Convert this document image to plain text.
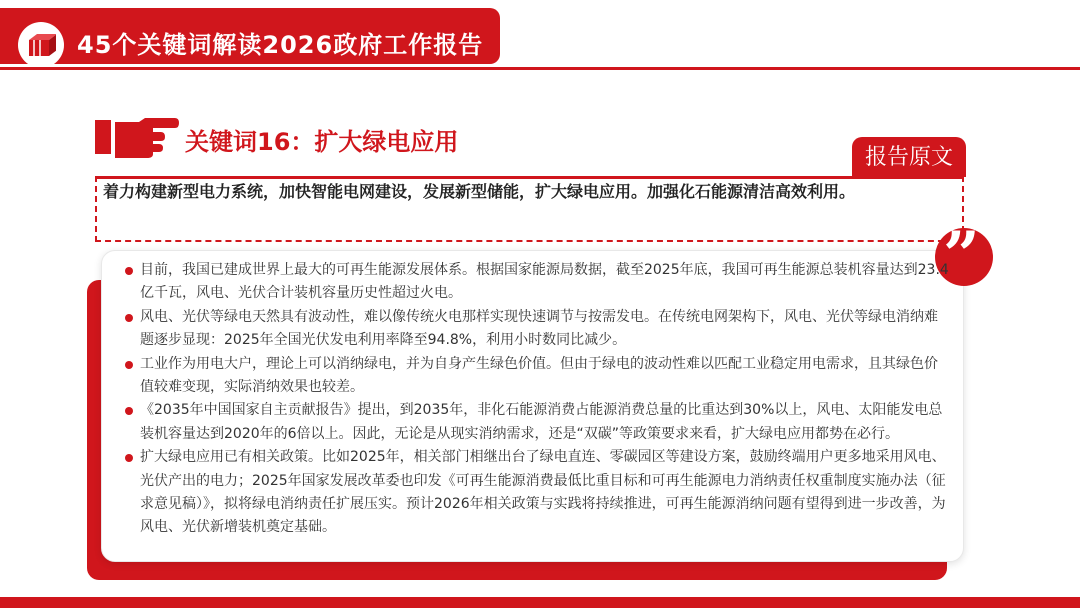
45个关键词解读2026政府工作报告
关键词16：扩大绿电应用
报告原文
着力构建新型电力系统，加快智能电网建设，发展新型储能，扩大绿电应用。加强化石能源清洁高效利用。
”
目前，我国已建成世界上最大的可再生能源发展体系。根据国家能源局数据，截至2025年底，我国可再生能源总装机容量达到23.4亿千瓦，风电、光伏合计装机容量历史性超过火电。
风电、光伏等绿电天然具有波动性，难以像传统火电那样实现快速调节与按需发电。在传统电网架构下，风电、光伏等绿电消纳难题逐步显现：2025年全国光伏发电利用率降至94.8%，利用小时数同比减少。
工业作为用电大户，理论上可以消纳绿电，并为自身产生绿色价值。但由于绿电的波动性难以匹配工业稳定用电需求，且其绿色价值较难变现，实际消纳效果也较差。
《2035年中国国家自主贡献报告》提出，到2035年，非化石能源消费占能源消费总量的比重达到30%以上，风电、太阳能发电总装机容量达到2020年的6倍以上。因此，无论是从现实消纳需求，还是“双碳”等政策要求来看，扩大绿电应用都势在必行。
扩大绿电应用已有相关政策。比如2025年，相关部门相继出台了绿电直连、零碳园区等建设方案，鼓励终端用户更多地采用风电、光伏产出的电力；2025年国家发展改革委也印发《可再生能源消费最低比重目标和可再生能源电力消纳责任权重制度实施办法（征求意见稿）》，拟将绿电消纳责任扩展压实。预计2026年相关政策与实践将持续推进，可再生能源消纳问题有望得到进一步改善，为风电、光伏新增装机奠定基础。
